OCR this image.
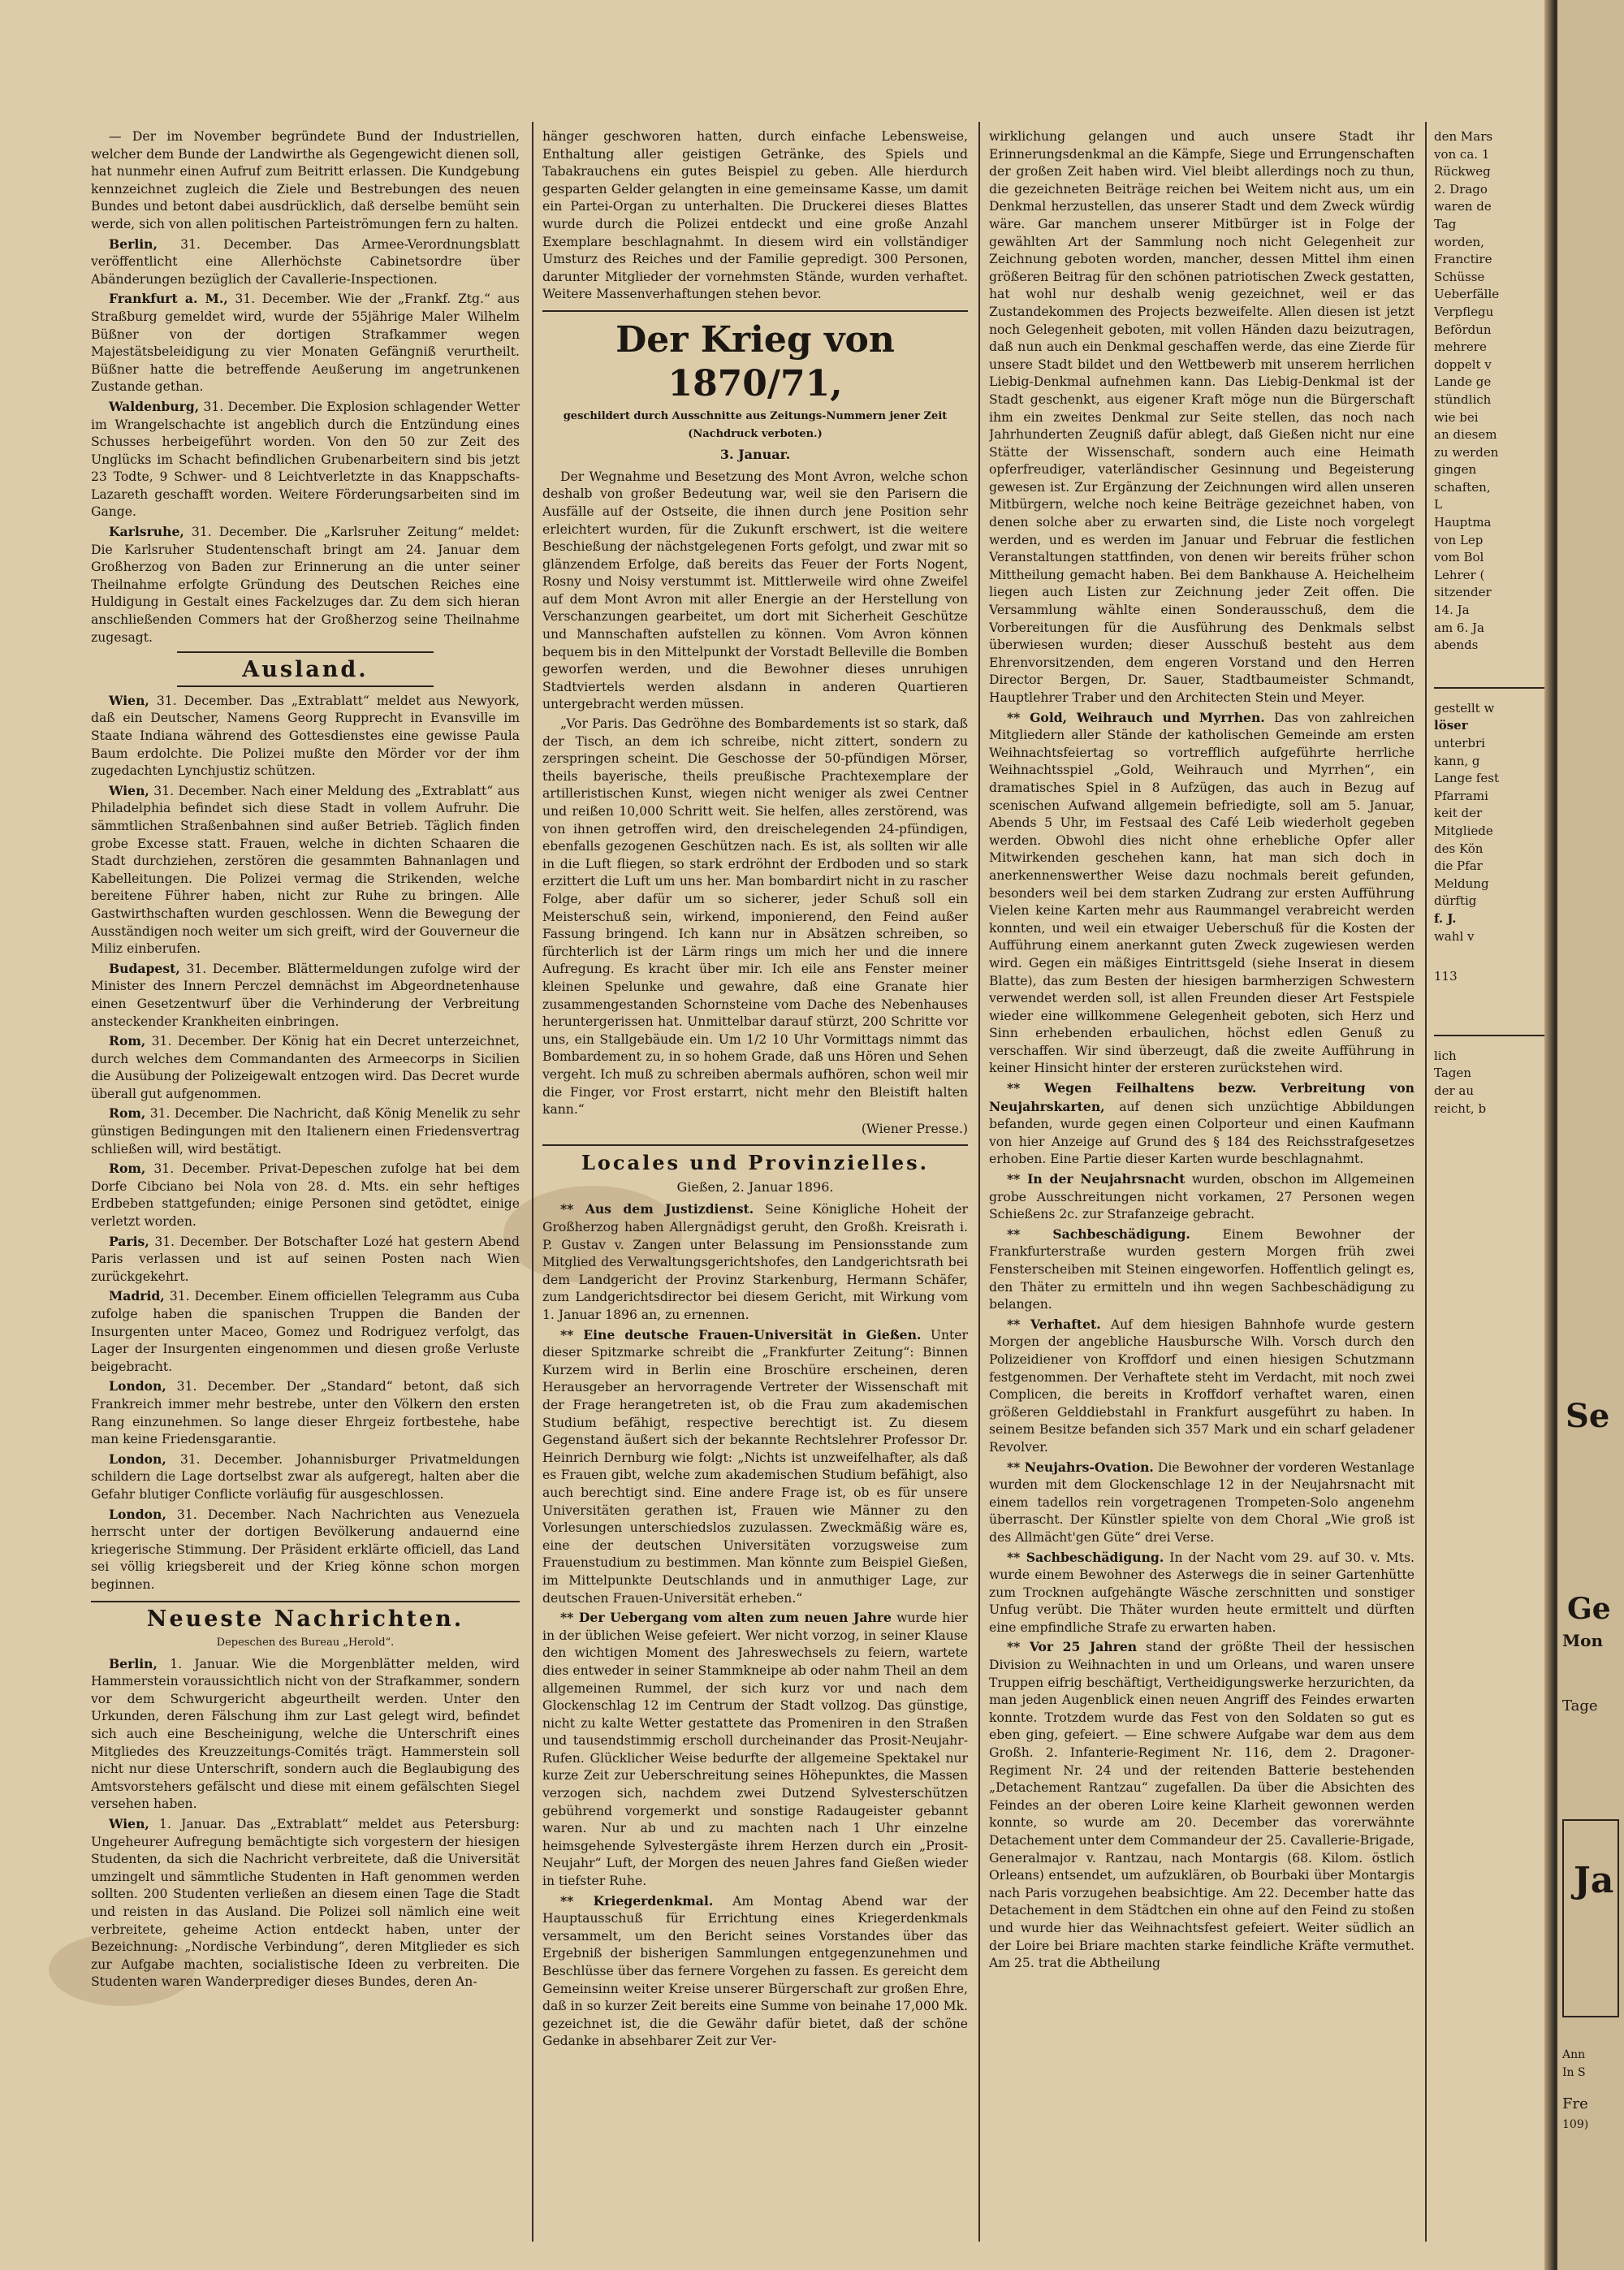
— Der im November begründete Bund der Industriellen, welcher dem Bunde der Landwirthe als Gegengewicht dienen soll, hat nunmehr einen Aufruf zum Beitritt erlassen. Die Kundgebung kennzeichnet zugleich die Ziele und Bestrebungen des neuen Bundes und betont dabei ausdrücklich, daß derselbe bemüht sein werde, sich von allen politischen Parteiströmungen fern zu halten.

Berlin, 31. December. Das Armee-Verordnungsblatt veröffentlicht eine Allerhöchste Cabinetsordre über Abänderungen bezüglich der Cavallerie-Inspectionen.

Frankfurt a. M., 31. December. Wie der „Frankf. Ztg.“ aus Straßburg gemeldet wird, wurde der 55jährige Maler Wilhelm Büßner von der dortigen Strafkammer wegen Majestätsbeleidigung zu vier Monaten Gefängniß verurtheilt. Büßner hatte die betreffende Aeußerung im angetrunkenen Zustande gethan.

Waldenburg, 31. December. Die Explosion schlagender Wetter im Wrangelschachte ist angeblich durch die Entzündung eines Schusses herbeigeführt worden. Von den 50 zur Zeit des Unglücks im Schacht befindlichen Grubenarbeitern sind bis jetzt 23 Todte, 9 Schwer- und 8 Leichtverletzte in das Knappschafts-Lazareth geschafft worden. Weitere Förderungsarbeiten sind im Gange.

Karlsruhe, 31. December. Die „Karlsruher Zeitung“ meldet: Die Karlsruher Studentenschaft bringt am 24. Januar dem Großherzog von Baden zur Erinnerung an die unter seiner Theilnahme erfolgte Gründung des Deutschen Reiches eine Huldigung in Gestalt eines Fackelzuges dar. Zu dem sich hieran anschließenden Commers hat der Großherzog seine Theilnahme zugesagt.

Ausland.

Wien, 31. December. Das „Extrablatt“ meldet aus Newyork, daß ein Deutscher, Namens Georg Rupprecht in Evansville im Staate Indiana während des Gottesdienstes eine gewisse Paula Baum erdolchte. Die Polizei mußte den Mörder vor der ihm zugedachten Lynchjustiz schützen.

Wien, 31. December. Nach einer Meldung des „Extrablatt“ aus Philadelphia befindet sich diese Stadt in vollem Aufruhr. Die sämmtlichen Straßenbahnen sind außer Betrieb. Täglich finden grobe Excesse statt. Frauen, welche in dichten Schaaren die Stadt durchziehen, zerstören die gesammten Bahnanlagen und Kabelleitungen. Die Polizei vermag die Strikenden, welche bereitene Führer haben, nicht zur Ruhe zu bringen. Alle Gastwirthschaften wurden geschlossen. Wenn die Bewegung der Ausständigen noch weiter um sich greift, wird der Gouverneur die Miliz einberufen.

Budapest, 31. December. Blättermeldungen zufolge wird der Minister des Innern Perczel demnächst im Abgeordnetenhause einen Gesetzentwurf über die Verhinderung der Verbreitung ansteckender Krankheiten einbringen.

Rom, 31. December. Der König hat ein Decret unterzeichnet, durch welches dem Commandanten des Armeecorps in Sicilien die Ausübung der Polizeigewalt entzogen wird. Das Decret wurde überall gut aufgenommen.

Rom, 31. December. Die Nachricht, daß König Menelik zu sehr günstigen Bedingungen mit den Italienern einen Friedensvertrag schließen will, wird bestätigt.

Rom, 31. December. Privat-Depeschen zufolge hat bei dem Dorfe Cibciano bei Nola von 28. d. Mts. ein sehr heftiges Erdbeben stattgefunden; einige Personen sind getödtet, einige verletzt worden.

Paris, 31. December. Der Botschafter Lozé hat gestern Abend Paris verlassen und ist auf seinen Posten nach Wien zurückgekehrt.

Madrid, 31. December. Einem officiellen Telegramm aus Cuba zufolge haben die spanischen Truppen die Banden der Insurgenten unter Maceo, Gomez und Rodriguez verfolgt, das Lager der Insurgenten eingenommen und diesen große Verluste beigebracht.

London, 31. December. Der „Standard“ betont, daß sich Frankreich immer mehr bestrebe, unter den Völkern den ersten Rang einzunehmen. So lange dieser Ehrgeiz fortbestehe, habe man keine Friedensgarantie.

London, 31. December. Johannisburger Privatmeldungen schildern die Lage dortselbst zwar als aufgeregt, halten aber die Gefahr blutiger Conflicte vorläufig für ausgeschlossen.

London, 31. December. Nach Nachrichten aus Venezuela herrscht unter der dortigen Bevölkerung andauernd eine kriegerische Stimmung. Der Präsident erklärte officiell, das Land sei völlig kriegsbereit und der Krieg könne schon morgen beginnen.

Neueste Nachrichten.
Depeschen des Bureau „Herold“.

Berlin, 1. Januar. Wie die Morgenblätter melden, wird Hammerstein voraussichtlich nicht von der Strafkammer, sondern vor dem Schwurgericht abgeurtheilt werden. Unter den Urkunden, deren Fälschung ihm zur Last gelegt wird, befindet sich auch eine Bescheinigung, welche die Unterschrift eines Mitgliedes des Kreuzzeitungs-Comités trägt. Hammerstein soll nicht nur diese Unterschrift, sondern auch die Beglaubigung des Amtsvorstehers gefälscht und diese mit einem gefälschten Siegel versehen haben.

Wien, 1. Januar. Das „Extrablatt“ meldet aus Petersburg: Ungeheurer Aufregung bemächtigte sich vorgestern der hiesigen Studenten, da sich die Nachricht verbreitete, daß die Universität umzingelt und sämmtliche Studenten in Haft genommen werden sollten. 200 Studenten verließen an diesem einen Tage die Stadt und reisten in das Ausland. Die Polizei soll nämlich eine weit verbreitete, geheime Action entdeckt haben, unter der Bezeichnung: „Nordische Verbindung“, deren Mitglieder es sich zur Aufgabe machten, socialistische Ideen zu verbreiten. Die Studenten waren Wanderprediger dieses Bundes, deren An-

hänger geschworen hatten, durch einfache Lebensweise, Enthaltung aller geistigen Getränke, des Spiels und Tabakrauchens ein gutes Beispiel zu geben. Alle hierdurch gesparten Gelder gelangten in eine gemeinsame Kasse, um damit ein Partei-Organ zu unterhalten. Die Druckerei dieses Blattes wurde durch die Polizei entdeckt und eine große Anzahl Exemplare beschlagnahmt. In diesem wird ein vollständiger Umsturz des Reiches und der Familie gepredigt. 300 Personen, darunter Mitglieder der vornehmsten Stände, wurden verhaftet. Weitere Massenverhaftungen stehen bevor.

Der Krieg von 1870/71,
geschildert durch Ausschnitte aus Zeitungs-Nummern jener Zeit (Nachdruck verboten.)
3. Januar.

Der Wegnahme und Besetzung des Mont Avron, welche schon deshalb von großer Bedeutung war, weil sie den Parisern die Ausfälle auf der Ostseite, die ihnen durch jene Position sehr erleichtert wurden, für die Zukunft erschwert, ist die weitere Beschießung der nächstgelegenen Forts gefolgt, und zwar mit so glänzendem Erfolge, daß bereits das Feuer der Forts Nogent, Rosny und Noisy verstummt ist. Mittlerweile wird ohne Zweifel auf dem Mont Avron mit aller Energie an der Herstellung von Verschanzungen gearbeitet, um dort mit Sicherheit Geschütze und Mannschaften aufstellen zu können. Vom Avron können bequem bis in den Mittelpunkt der Vorstadt Belleville die Bomben geworfen werden, und die Bewohner dieses unruhigen Stadtviertels werden alsdann in anderen Quartieren untergebracht werden müssen.

„Vor Paris. Das Gedröhne des Bombardements ist so stark, daß der Tisch, an dem ich schreibe, nicht zittert, sondern zu zerspringen scheint. Die Geschosse der 50-pfündigen Mörser, theils bayerische, theils preußische Prachtexemplare der artilleristischen Kunst, wiegen nicht weniger als zwei Centner und reißen 10,000 Schritt weit. Sie helfen, alles zerstörend, was von ihnen getroffen wird, den dreischelegenden 24-pfündigen, ebenfalls gezogenen Geschützen nach. Es ist, als sollten wir alle in die Luft fliegen, so stark erdröhnt der Erdboden und so stark erzittert die Luft um uns her. Man bombardirt nicht in zu rascher Folge, aber dafür um so sicherer, jeder Schuß soll ein Meisterschuß sein, wirkend, imponierend, den Feind außer Fassung bringend. Ich kann nur in Absätzen schreiben, so fürchterlich ist der Lärm rings um mich her und die innere Aufregung. Es kracht über mir. Ich eile ans Fenster meiner kleinen Spelunke und gewahre, daß eine Granate hier zusammengestanden Schornsteine vom Dache des Nebenhauses heruntergerissen hat. Unmittelbar darauf stürzt, 200 Schritte vor uns, ein Stallgebäude ein. Um 1/2 10 Uhr Vormittags nimmt das Bombardement zu, in so hohem Grade, daß uns Hören und Sehen vergeht. Ich muß zu schreiben abermals aufhören, schon weil mir die Finger, vor Frost erstarrt, nicht mehr den Bleistift halten kann.“

(Wiener Presse.)
Locales und Provinzielles.
Gießen, 2. Januar 1896.

** Aus dem Justizdienst. Seine Königliche Hoheit der Großherzog haben Allergnädigst geruht, den Großh. Kreisrath i. P. Gustav v. Zangen unter Belassung im Pensionsstande zum Mitglied des Verwaltungsgerichtshofes, den Landgerichtsrath bei dem Landgericht der Provinz Starkenburg, Hermann Schäfer, zum Landgerichtsdirector bei diesem Gericht, mit Wirkung vom 1. Januar 1896 an, zu ernennen.

** Eine deutsche Frauen-Universität in Gießen. Unter dieser Spitzmarke schreibt die „Frankfurter Zeitung“: Binnen Kurzem wird in Berlin eine Broschüre erscheinen, deren Herausgeber an hervorragende Vertreter der Wissenschaft mit der Frage herangetreten ist, ob die Frau zum akademischen Studium befähigt, respective berechtigt ist. Zu diesem Gegenstand äußert sich der bekannte Rechtslehrer Professor Dr. Heinrich Dernburg wie folgt: „Nichts ist unzweifelhafter, als daß es Frauen gibt, welche zum akademischen Studium befähigt, also auch berechtigt sind. Eine andere Frage ist, ob es für unsere Universitäten gerathen ist, Frauen wie Männer zu den Vorlesungen unterschiedslos zuzulassen. Zweckmäßig wäre es, eine der deutschen Universitäten vorzugsweise zum Frauenstudium zu bestimmen. Man könnte zum Beispiel Gießen, im Mittelpunkte Deutschlands und in anmuthiger Lage, zur deutschen Frauen-Universität erheben.“

** Der Uebergang vom alten zum neuen Jahre wurde hier in der üblichen Weise gefeiert. Wer nicht vorzog, in seiner Klause den wichtigen Moment des Jahreswechsels zu feiern, wartete dies entweder in seiner Stammkneipe ab oder nahm Theil an dem allgemeinen Rummel, der sich kurz vor und nach dem Glockenschlag 12 im Centrum der Stadt vollzog. Das günstige, nicht zu kalte Wetter gestattete das Promeniren in den Straßen und tausendstimmig erscholl durcheinander das Prosit-Neujahr-Rufen. Glücklicher Weise bedurfte der allgemeine Spektakel nur kurze Zeit zur Ueberschreitung seines Höhepunktes, die Massen verzogen sich, nachdem zwei Dutzend Sylvesterschützen gebührend vorgemerkt und sonstige Radaugeister gebannt waren. Nur ab und zu machten nach 1 Uhr einzelne heimsgehende Sylvestergäste ihrem Herzen durch ein „Prosit-Neujahr“ Luft, der Morgen des neuen Jahres fand Gießen wieder in tiefster Ruhe.

** Kriegerdenkmal. Am Montag Abend war der Hauptausschuß für Errichtung eines Kriegerdenkmals versammelt, um den Bericht seines Vorstandes über das Ergebniß der bisherigen Sammlungen entgegenzunehmen und Beschlüsse über das fernere Vorgehen zu fassen. Es gereicht dem Gemeinsinn weiter Kreise unserer Bürgerschaft zur großen Ehre, daß in so kurzer Zeit bereits eine Summe von beinahe 17,000 Mk. gezeichnet ist, die die Gewähr dafür bietet, daß der schöne Gedanke in absehbarer Zeit zur Ver-

wirklichung gelangen und auch unsere Stadt ihr Erinnerungsdenkmal an die Kämpfe, Siege und Errungenschaften der großen Zeit haben wird. Viel bleibt allerdings noch zu thun, die gezeichneten Beiträge reichen bei Weitem nicht aus, um ein Denkmal herzustellen, das unserer Stadt und dem Zweck würdig wäre. Gar manchem unserer Mitbürger ist in Folge der gewählten Art der Sammlung noch nicht Gelegenheit zur Zeichnung geboten worden, mancher, dessen Mittel ihm einen größeren Beitrag für den schönen patriotischen Zweck gestatten, hat wohl nur deshalb wenig gezeichnet, weil er das Zustandekommen des Projects bezweifelte. Allen diesen ist jetzt noch Gelegenheit geboten, mit vollen Händen dazu beizutragen, daß nun auch ein Denkmal geschaffen werde, das eine Zierde für unsere Stadt bildet und den Wettbewerb mit unserem herrlichen Liebig-Denkmal aufnehmen kann. Das Liebig-Denkmal ist der Stadt geschenkt, aus eigener Kraft möge nun die Bürgerschaft ihm ein zweites Denkmal zur Seite stellen, das noch nach Jahrhunderten Zeugniß dafür ablegt, daß Gießen nicht nur eine Stätte der Wissenschaft, sondern auch eine Heimath opferfreudiger, vaterländischer Gesinnung und Begeisterung gewesen ist. Zur Ergänzung der Zeichnungen wird allen unseren Mitbürgern, welche noch keine Beiträge gezeichnet haben, von denen solche aber zu erwarten sind, die Liste noch vorgelegt werden, und es werden im Januar und Februar die festlichen Veranstaltungen stattfinden, von denen wir bereits früher schon Mittheilung gemacht haben. Bei dem Bankhause A. Heichelheim liegen auch Listen zur Zeichnung jeder Zeit offen. Die Versammlung wählte einen Sonderausschuß, dem die Vorbereitungen für die Ausführung des Denkmals selbst überwiesen wurden; dieser Ausschuß besteht aus dem Ehrenvorsitzenden, dem engeren Vorstand und den Herren Director Bergen, Dr. Sauer, Stadtbaumeister Schmandt, Hauptlehrer Traber und den Architecten Stein und Meyer.

** Gold, Weihrauch und Myrrhen. Das von zahlreichen Mitgliedern aller Stände der katholischen Gemeinde am ersten Weihnachtsfeiertag so vortrefflich aufgeführte herrliche Weihnachtsspiel „Gold, Weihrauch und Myrrhen“, ein dramatisches Spiel in 8 Aufzügen, das auch in Bezug auf scenischen Aufwand allgemein befriedigte, soll am 5. Januar, Abends 5 Uhr, im Festsaal des Café Leib wiederholt gegeben werden. Obwohl dies nicht ohne erhebliche Opfer aller Mitwirkenden geschehen kann, hat man sich doch in anerkennenswerther Weise dazu nochmals bereit gefunden, besonders weil bei dem starken Zudrang zur ersten Aufführung Vielen keine Karten mehr aus Raummangel verabreicht werden konnten, und weil ein etwaiger Ueberschuß für die Kosten der Aufführung einem anerkannt guten Zweck zugewiesen werden wird. Gegen ein mäßiges Eintrittsgeld (siehe Inserat in diesem Blatte), das zum Besten der hiesigen barmherzigen Schwestern verwendet werden soll, ist allen Freunden dieser Art Festspiele wieder eine willkommene Gelegenheit geboten, sich Herz und Sinn erhebenden erbaulichen, höchst edlen Genuß zu verschaffen. Wir sind überzeugt, daß die zweite Aufführung in keiner Hinsicht hinter der ersteren zurückstehen wird.

** Wegen Feilhaltens bezw. Verbreitung von Neujahrskarten, auf denen sich unzüchtige Abbildungen befanden, wurde gegen einen Colporteur und einen Kaufmann von hier Anzeige auf Grund des § 184 des Reichsstrafgesetzes erhoben. Eine Partie dieser Karten wurde beschlagnahmt.

** In der Neujahrsnacht wurden, obschon im Allgemeinen grobe Ausschreitungen nicht vorkamen, 27 Personen wegen Schießens 2c. zur Strafanzeige gebracht.

** Sachbeschädigung.	Einem Bewohner der Frankfurterstraße wurden gestern Morgen früh zwei Fensterscheiben mit Steinen eingeworfen. Hoffentlich gelingt es, den Thäter zu ermitteln und ihn wegen Sachbeschädigung zu belangen.

** Verhaftet. Auf dem hiesigen Bahnhofe wurde gestern Morgen der angebliche Hausbursche Wilh. Vorsch durch den Polizeidiener von Kroffdorf und einen hiesigen Schutzmann festgenommen. Der Verhaftete steht im Verdacht, mit noch zwei Complicen, die bereits in Kroffdorf verhaftet waren, einen größeren Gelddiebstahl in Frankfurt ausgeführt zu haben. In seinem Besitze befanden sich 357 Mark und ein scharf geladener Revolver.

** Neujahrs-Ovation. Die Bewohner der vorderen Westanlage wurden mit dem Glockenschlage 12 in der Neujahrsnacht mit einem tadellos rein vorgetragenen Trompeten-Solo angenehm überrascht. Der Künstler spielte von dem Choral „Wie groß ist des Allmächt'gen Güte“ drei Verse.

** Sachbeschädigung. In der Nacht vom 29. auf 30. v. Mts. wurde einem Bewohner des Asterwegs die in seiner Gartenhütte zum Trocknen aufgehängte Wäsche zerschnitten und sonstiger Unfug verübt. Die Thäter wurden heute ermittelt und dürften eine empfindliche Strafe zu erwarten haben.

** Vor 25 Jahren stand der größte Theil der hessischen Division zu Weihnachten in und um Orleans, und waren unsere Truppen eifrig beschäftigt, Vertheidigungswerke herzurichten, da man jeden Augenblick einen neuen Angriff des Feindes erwarten konnte. Trotzdem wurde das Fest von den Soldaten so gut es eben ging, gefeiert. — Eine schwere Aufgabe war dem aus dem Großh. 2. Infanterie-Regiment Nr. 116, dem 2. Dragoner-Regiment Nr. 24 und der reitenden Batterie bestehenden „Detachement Rantzau“ zugefallen. Da über die Absichten des Feindes an der oberen Loire keine Klarheit gewonnen werden konnte, so wurde am 20. December das vorerwähnte Detachement unter dem Commandeur der 25. Cavallerie-Brigade, Generalmajor v. Rantzau, nach Montargis (68. Kilom. östlich Orleans) entsendet, um aufzuklären, ob Bourbaki über Montargis nach Paris vorzugehen beabsichtige. Am 22. December hatte das Detachement in dem Städtchen ein ohne auf den Feind zu stoßen und wurde hier das Weihnachtsfest gefeiert. Weiter südlich an der Loire bei Briare machten starke feindliche Kräfte vermuthet. Am 25. trat die Abtheilung

den Mars
von ca. 1
Rückweg
2. Drago
waren de
Tag
worden,
Franctire
Schüsse
Ueberfälle
Verpflegu
Befördun
mehrere
doppelt v
Lande ge
stündlich
wie bei
an diesem
zu werden
gingen
schaften,
L
Hauptma
von Lep
vom Bol
Lehrer (
sitzender
14. Ja
am 6. Ja
abends
gestellt w
löser
unterbri
kann, g
Lange fest
Pfarrami
keit der
Mitgliede
des Kön
die Pfar
Meldung
dürftig
f. J.
wahl v
113
lich
Tagen
der au
reicht, b
Se
Ge
Mon
Tage
Ja
Ann
In S
Fre
109)
